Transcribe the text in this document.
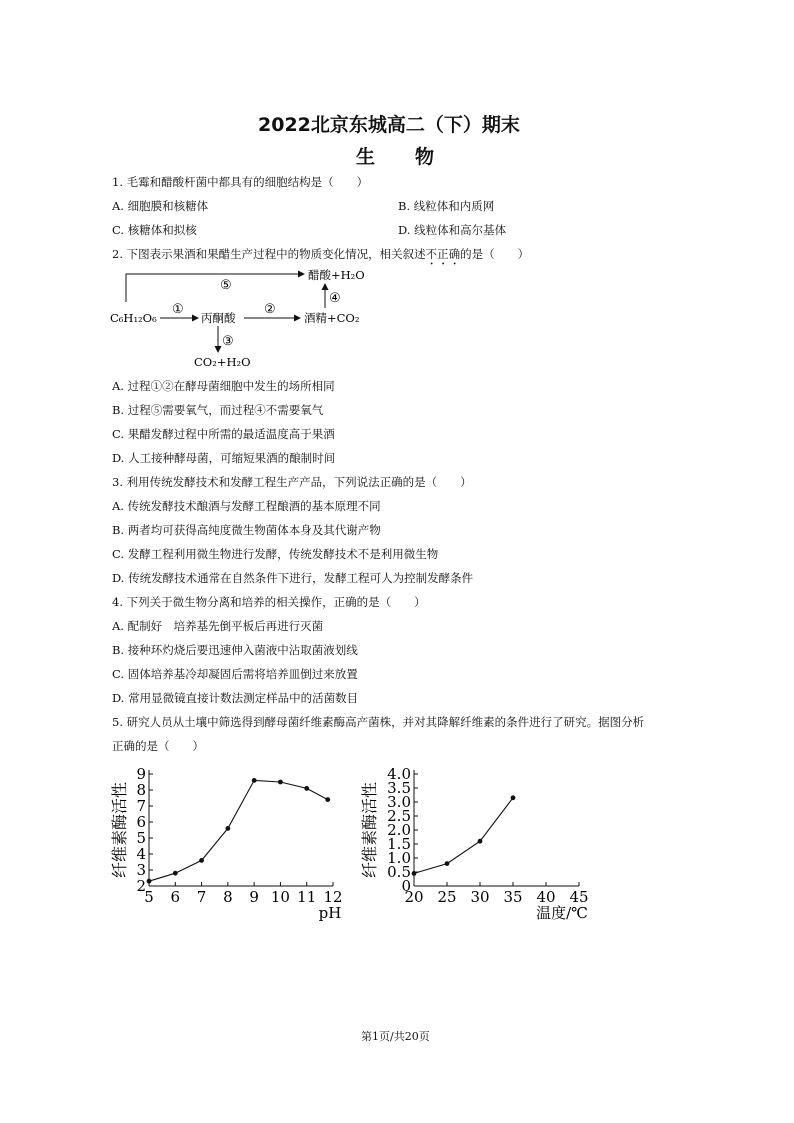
2022北京东城高二（下）期末
生物
1. 毛霉和醋酸杆菌中都具有的细胞结构是（　　）
A. 细胞膜和核糖体	B. 线粒体和内质网
C. 核糖体和拟核	D. 线粒体和高尔基体
2. 下图表示果酒和果醋生产过程中的物质变化情况，相关叙述不正确的是（　　）
⑤
醋酸+H₂O
④
C₆H₁₂O₆
①
丙酮酸
②
酒精+CO₂
③
CO₂+H₂O
A. 过程①②在酵母菌细胞中发生的场所相同
B. 过程⑤需要氧气，而过程④不需要氧气
C. 果醋发酵过程中所需的最适温度高于果酒
D. 人工接种酵母菌，可缩短果酒的酿制时间
3. 利用传统发酵技术和发酵工程生产产品，下列说法正确的是（　　）
A. 传统发酵技术酿酒与发酵工程酿酒的基本原理不同
B. 两者均可获得高纯度微生物菌体本身及其代谢产物
C. 发酵工程利用微生物进行发酵，传统发酵技术不是利用微生物
D. 传统发酵技术通常在自然条件下进行，发酵工程可人为控制发酵条件
4. 下列关于微生物分离和培养的相关操作，正确的是（　　）
A. 配制好　培养基先倒平板后再进行灭菌
B. 接种环灼烧后要迅速伸入菌液中沾取菌液划线
C. 固体培养基冷却凝固后需将培养皿倒过来放置
D. 常用显微镜直接计数法测定样品中的活菌数目
5. 研究人员从土壤中筛选得到酵母菌纤维素酶高产菌株，并对其降解纤维素的条件进行了研究。据图分析
正确的是（　　）
2
3
4
5
6
7
8
9
5 6 7 8 9 10 11 12
纤维素酶活性
pH
0
0.5
1.0
1.5
2.0
2.5
3.0
3.5
4.0
20 25 30 35 40 45
纤维素酶活性
温度/℃
第1页/共20页
